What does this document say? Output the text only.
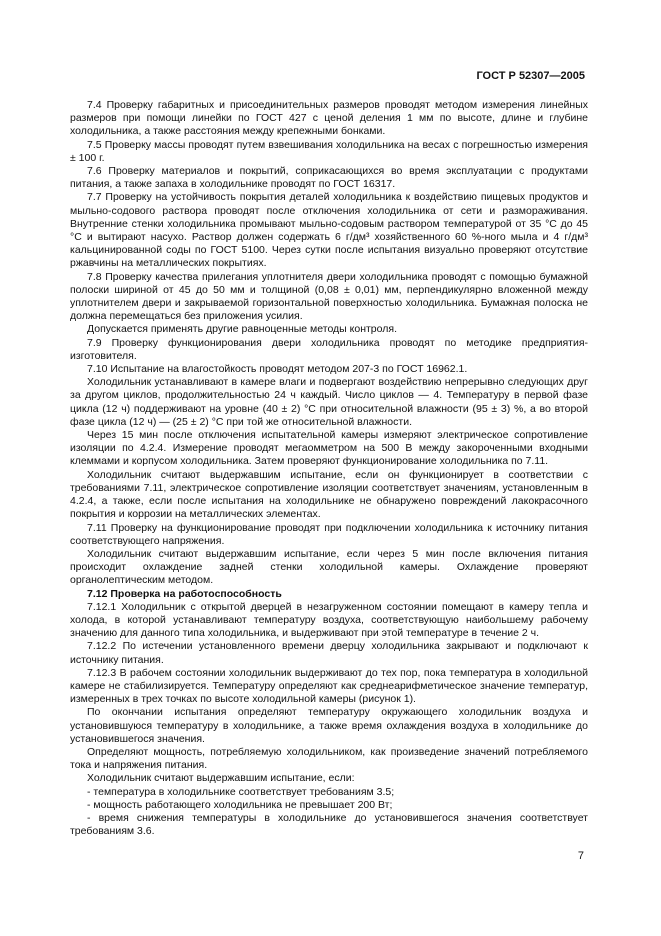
ГОСТ Р 52307—2005

7.4 Проверку габаритных и присоединительных размеров проводят методом измерения линейных размеров при помощи линейки по ГОСТ 427 с ценой деления 1 мм по высоте, длине и глубине холодильника, а также расстояния между крепежными бонками.

7.5 Проверку массы проводят путем взвешивания холодильника на весах с погрешностью измерения ± 100 г.

7.6 Проверку материалов и покрытий, соприкасающихся во время эксплуатации с продуктами питания, а также запаха в холодильнике проводят по ГОСТ 16317.

7.7 Проверку на устойчивость покрытия деталей холодильника к воздействию пищевых продуктов и мыльно-содового раствора проводят после отключения холодильника от сети и размораживания. Внутренние стенки холодильника промывают мыльно-содовым раствором температурой от 35 °С до 45 °С и вытирают насухо. Раствор должен содержать 6 г/дм³ хозяйственного 60 %-ного мыла и 4 г/дм³ кальцинированной соды по ГОСТ 5100. Через сутки после испытания визуально проверяют отсутствие ржавчины на металлических покрытиях.

7.8 Проверку качества прилегания уплотнителя двери холодильника проводят с помощью бумажной полоски шириной от 45 до 50 мм и толщиной (0,08 ± 0,01) мм, перпендикулярно вложенной между уплотнителем двери и закрываемой горизонтальной поверхностью холодильника. Бумажная полоска не должна перемещаться без приложения усилия.

Допускается применять другие равноценные методы контроля.

7.9 Проверку функционирования двери холодильника проводят по методике предприятия-изготовителя.

7.10 Испытание на влагостойкость проводят методом 207-3 по ГОСТ 16962.1.

Холодильник устанавливают в камере влаги и подвергают воздействию непрерывно следующих друг за другом циклов, продолжительностью 24 ч каждый. Число циклов — 4. Температуру в первой фазе цикла (12 ч) поддерживают на уровне (40 ± 2) °С при относительной влажности (95 ± 3) %, а во второй фазе цикла (12 ч) — (25 ± 2) °С при той же относительной влажности.

Через 15 мин после отключения испытательной камеры измеряют электрическое сопротивление изоляции по 4.2.4. Измерение проводят мегаомметром на 500 В между закороченными входными клеммами и корпусом холодильника. Затем проверяют функционирование холодильника по 7.11.

Холодильник считают выдержавшим испытание, если он функционирует в соответствии с требованиями 7.11, электрическое сопротивление изоляции соответствует значениям, установленным в 4.2.4, а также, если после испытания на холодильнике не обнаружено повреждений лакокрасочного покрытия и коррозии на металлических элементах.

7.11 Проверку на функционирование проводят при подключении холодильника к источнику питания соответствующего напряжения.

Холодильник считают выдержавшим испытание, если через 5 мин после включения питания происходит охлаждение задней стенки холодильной камеры. Охлаждение проверяют органолептическим методом.

7.12 Проверка на работоспособность

7.12.1 Холодильник с открытой дверцей в незагруженном состоянии помещают в камеру тепла и холода, в которой устанавливают температуру воздуха, соответствующую наибольшему рабочему значению для данного типа холодильника, и выдерживают при этой температуре в течение 2 ч.

7.12.2 По истечении установленного времени дверцу холодильника закрывают и подключают к источнику питания.

7.12.3 В рабочем состоянии холодильник выдерживают до тех пор, пока температура в холодильной камере не стабилизируется. Температуру определяют как среднеарифметическое значение температур, измеренных в трех точках по высоте холодильной камеры (рисунок 1).

По окончании испытания определяют температуру окружающего холодильник воздуха и установившуюся температуру в холодильнике, а также время охлаждения воздуха в холодильнике до установившегося значения.

Определяют мощность, потребляемую холодильником, как произведение значений потребляемого тока и напряжения питания.

Холодильник считают выдержавшим испытание, если:

- температура в холодильнике соответствует требованиям 3.5;

- мощность работающего холодильника не превышает 200 Вт;

- время снижения температуры в холодильнике до установившегося значения соответствует требованиям 3.6.

7
